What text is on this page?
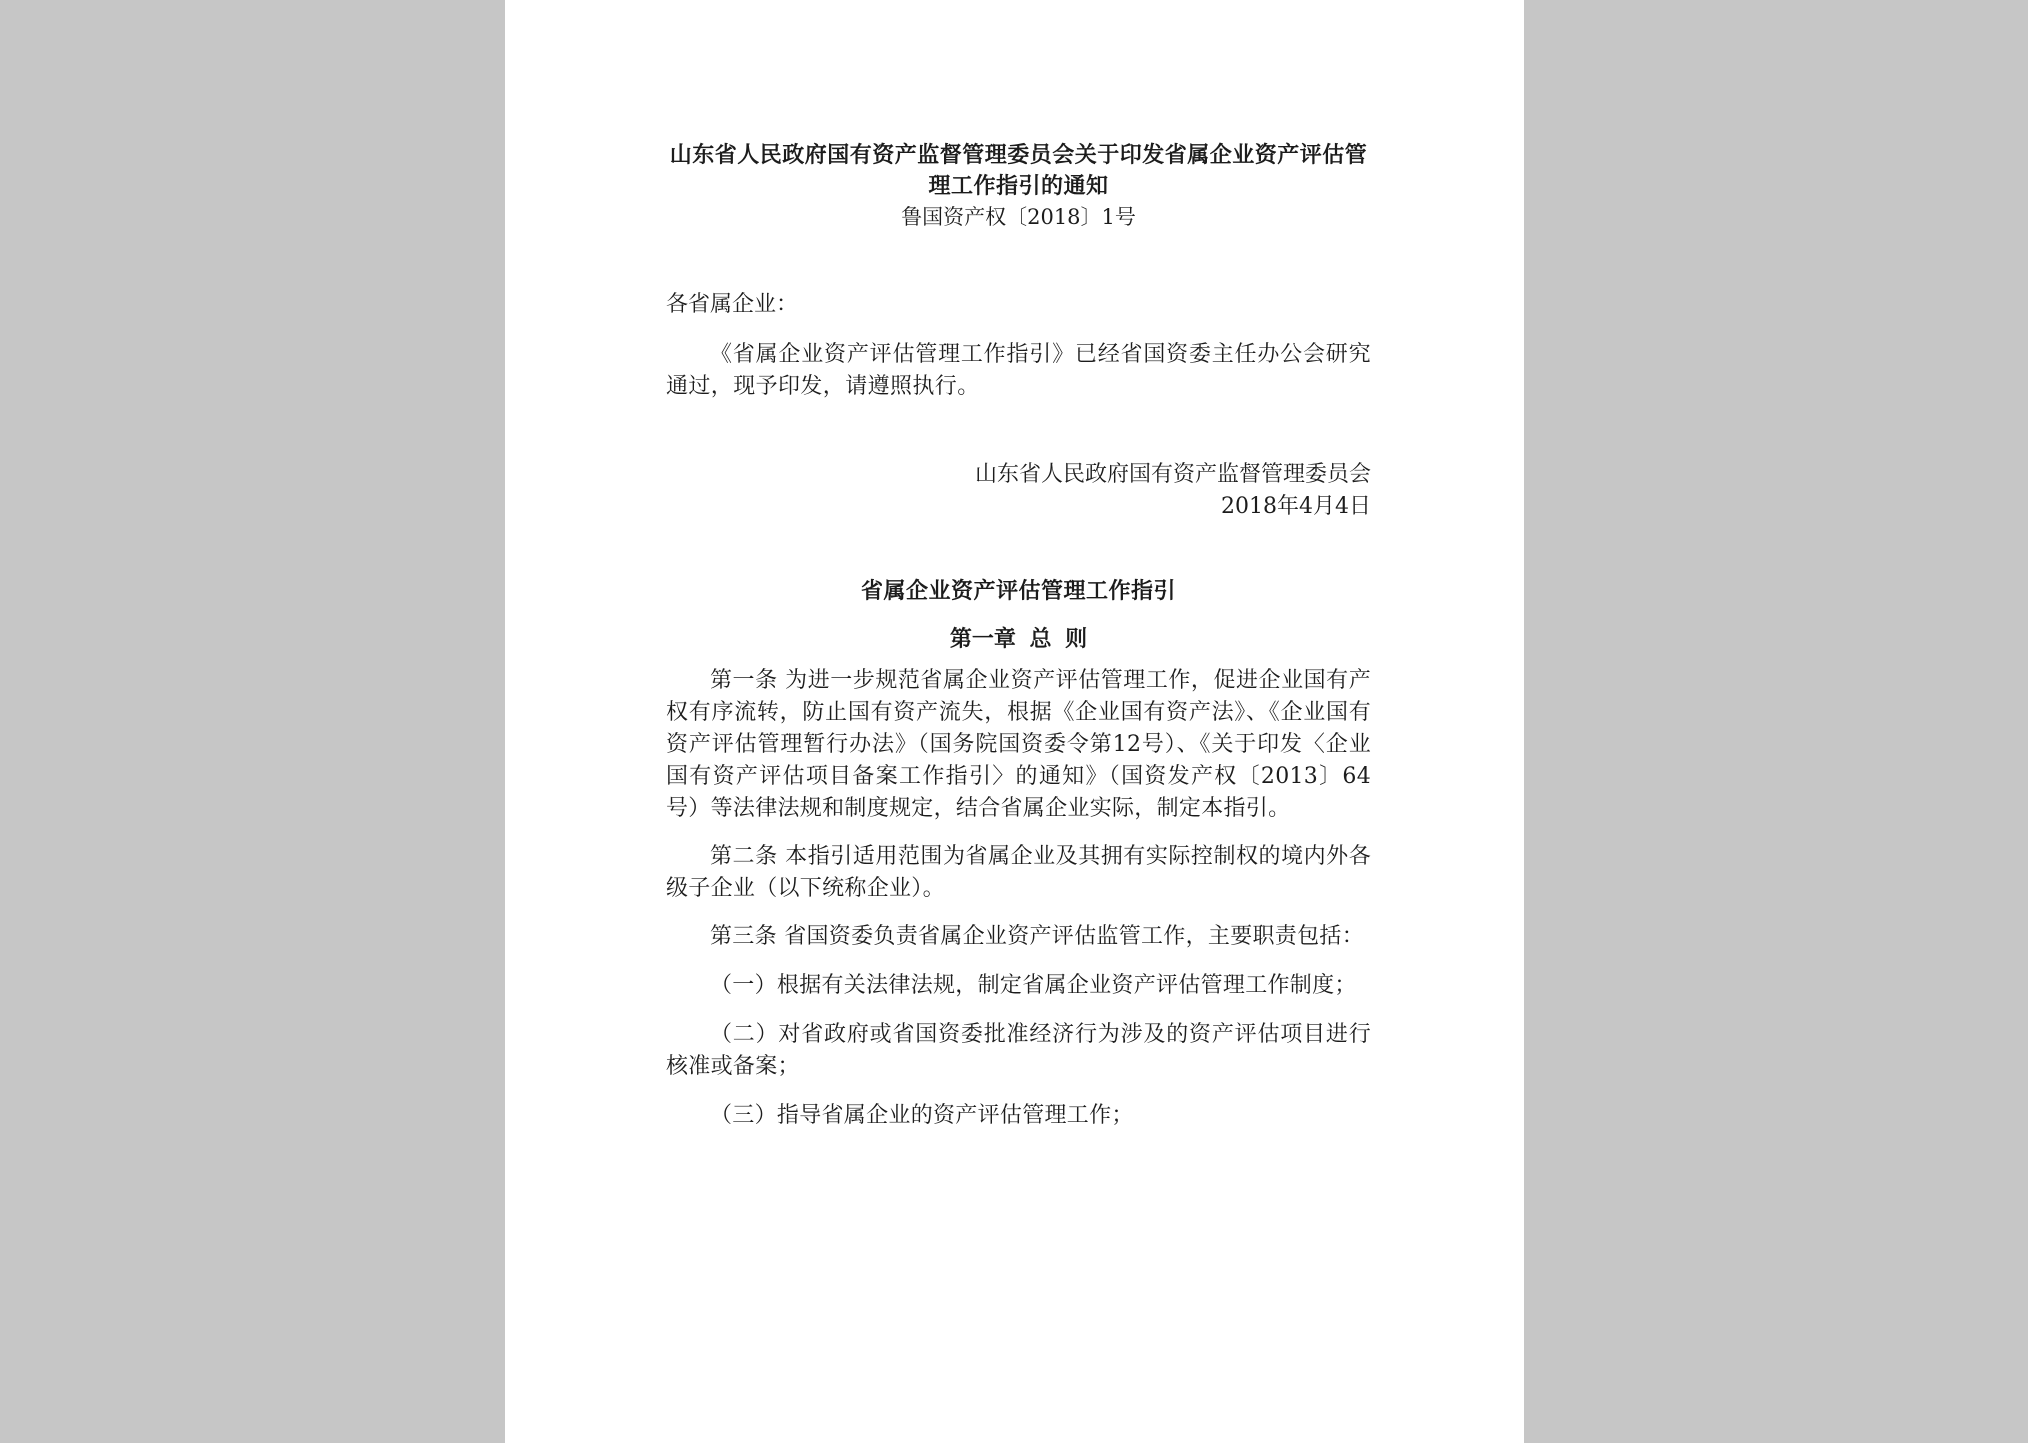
山东省人民政府国有资产监督管理委员会关于印发省属企业资产评估管理工作指引的通知

鲁国资产权〔2018〕1号

各省属企业：

《省属企业资产评估管理工作指引》已经省国资委主任办公会研究通过，现予印发，请遵照执行。

山东省人民政府国有资产监督管理委员会

2018年4月4日

省属企业资产评估管理工作指引

第一章 总 则

第一条 为进一步规范省属企业资产评估管理工作，促进企业国有产权有序流转，防止国有资产流失，根据《企业国有资产法》、《企业国有资产评估管理暂行办法》（国务院国资委令第12号）、《关于印发〈企业国有资产评估项目备案工作指引〉的通知》（国资发产权〔2013〕64号）等法律法规和制度规定，结合省属企业实际，制定本指引。

第二条 本指引适用范围为省属企业及其拥有实际控制权的境内外各级子企业（以下统称企业）。

第三条 省国资委负责省属企业资产评估监管工作，主要职责包括：

（一）根据有关法律法规，制定省属企业资产评估管理工作制度；

（二）对省政府或省国资委批准经济行为涉及的资产评估项目进行核准或备案；

（三）指导省属企业的资产评估管理工作；
